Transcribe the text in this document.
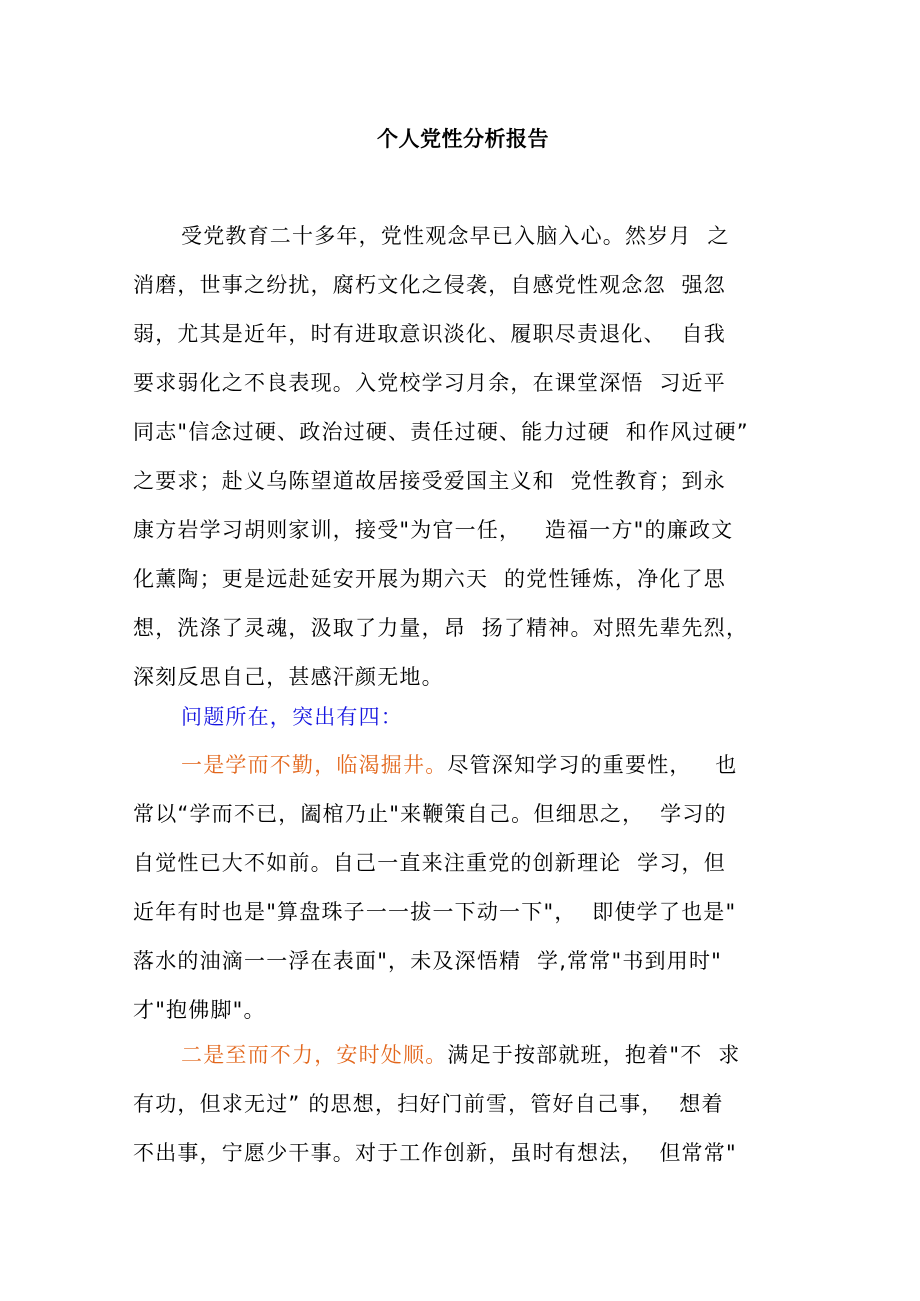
个人党性分析报告
受党教育二十多年，党性观念早已入脑入心。然岁月  之
消磨，世事之纷扰，腐朽文化之侵袭，自感党性观念忽  强忽
弱，尤其是近年，时有进取意识淡化、履职尽责退化、  自我
要求弱化之不良表现。入党校学习月余，在课堂深悟  习近平
同志"信念过硬、政治过硬、责任过硬、能力过硬  和作风过硬”
之要求；赴义乌陈望道故居接受爱国主义和  党性教育；到永
康方岩学习胡则家训，接受"为官一任，   造福一方"的廉政文
化薰陶；更是远赴延安开展为期六天  的党性锤炼，净化了思
想，洗涤了灵魂，汲取了力量，昂  扬了精神。对照先辈先烈，
深刻反思自己，甚感汗颜无地。
问题所在，突出有四：
一是学而不勤，临渴掘井。尽管深知学习的重要性，   也
常以“学而不已，阖棺乃止"来鞭策自己。但细思之，  学习的
自觉性已大不如前。自己一直来注重党的创新理论  学习，但
近年有时也是"算盘珠子一一拔一下动一下"，  即使学了也是"
落水的油滴一一浮在表面"，未及深悟精  学,常常"书到用时"
才"抱佛脚"。
二是至而不力，安时处顺。满足于按部就班，抱着"不  求
有功，但求无过” 的思想，扫好门前雪，管好自己事，  想着
不出事，宁愿少干事。对于工作创新，虽时有想法，  但常常"
